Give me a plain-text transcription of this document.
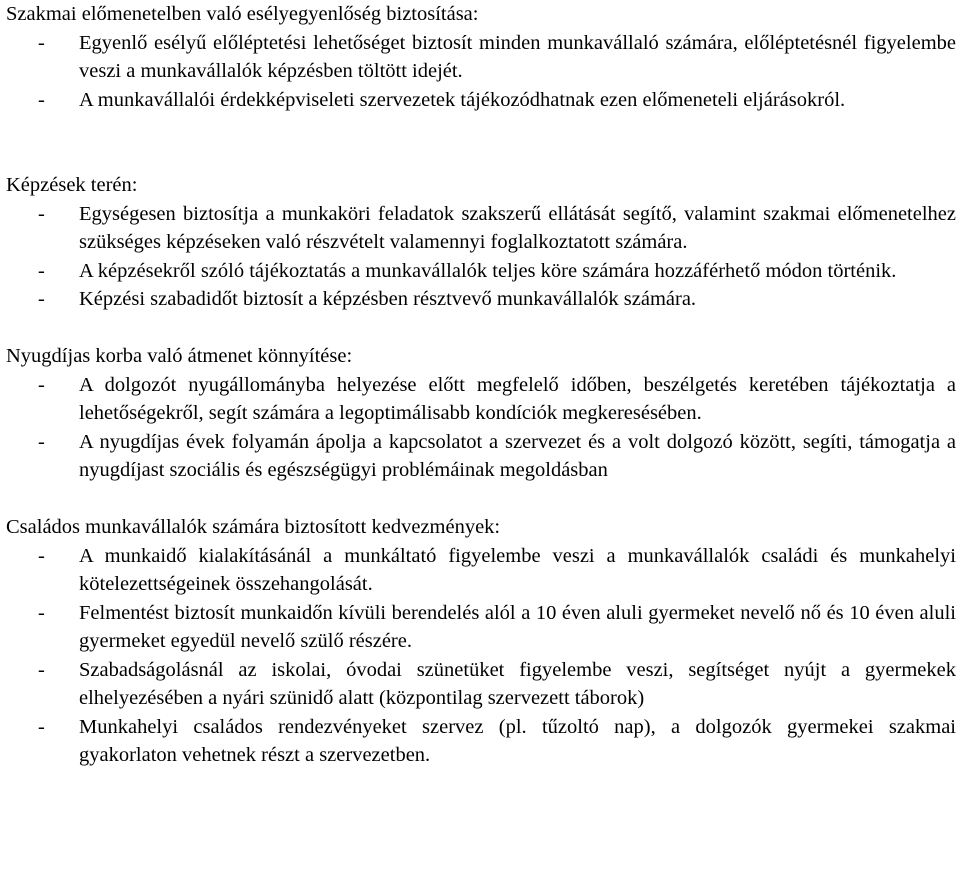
Szakmai előmenetelben való esélyegyenlőség biztosítása:
- Egyenlő esélyű előléptetési lehetőséget biztosít minden munkavállaló számára, előléptetésnél figyelembe veszi a munkavállalók képzésben töltött idejét.
- A munkavállalói érdekképviseleti szervezetek tájékozódhatnak ezen előmeneteli eljárásokról.
Képzések terén:
- Egységesen biztosítja a munkaköri feladatok szakszerű ellátását segítő, valamint szakmai előmenetelhez szükséges képzéseken való részvételt valamennyi foglalkoztatott számára.
- A képzésekről szóló tájékoztatás a munkavállalók teljes köre számára hozzáférhető módon történik.
- Képzési szabadidőt biztosít a képzésben résztvevő munkavállalók számára.
Nyugdíjas korba való átmenet könnyítése:
- A dolgozót nyugállományba helyezése előtt megfelelő időben, beszélgetés keretében tájékoztatja a lehetőségekről, segít számára a legoptimálisabb kondíciók megkeresésében.
- A nyugdíjas évek folyamán ápolja a kapcsolatot a szervezet és a volt dolgozó között, segíti, támogatja a nyugdíjast szociális és egészségügyi problémáinak megoldásban
Családos munkavállalók számára biztosított kedvezmények:
- A munkaidő kialakításánál a munkáltató figyelembe veszi a munkavállalók családi és munkahelyi kötelezettségeinek összehangolását.
- Felmentést biztosít munkaidőn kívüli berendelés alól a 10 éven aluli gyermeket nevelő nő és 10 éven aluli gyermeket egyedül nevelő szülő részére.
- Szabadságolásnál az iskolai, óvodai szünetüket figyelembe veszi, segítséget nyújt a gyermekek elhelyezésében a nyári szünidő alatt (központilag szervezett táborok)
- Munkahelyi családos rendezvényeket szervez (pl. tűzoltó nap), a dolgozók gyermekei szakmai gyakorlaton vehetnek részt a szervezetben.
